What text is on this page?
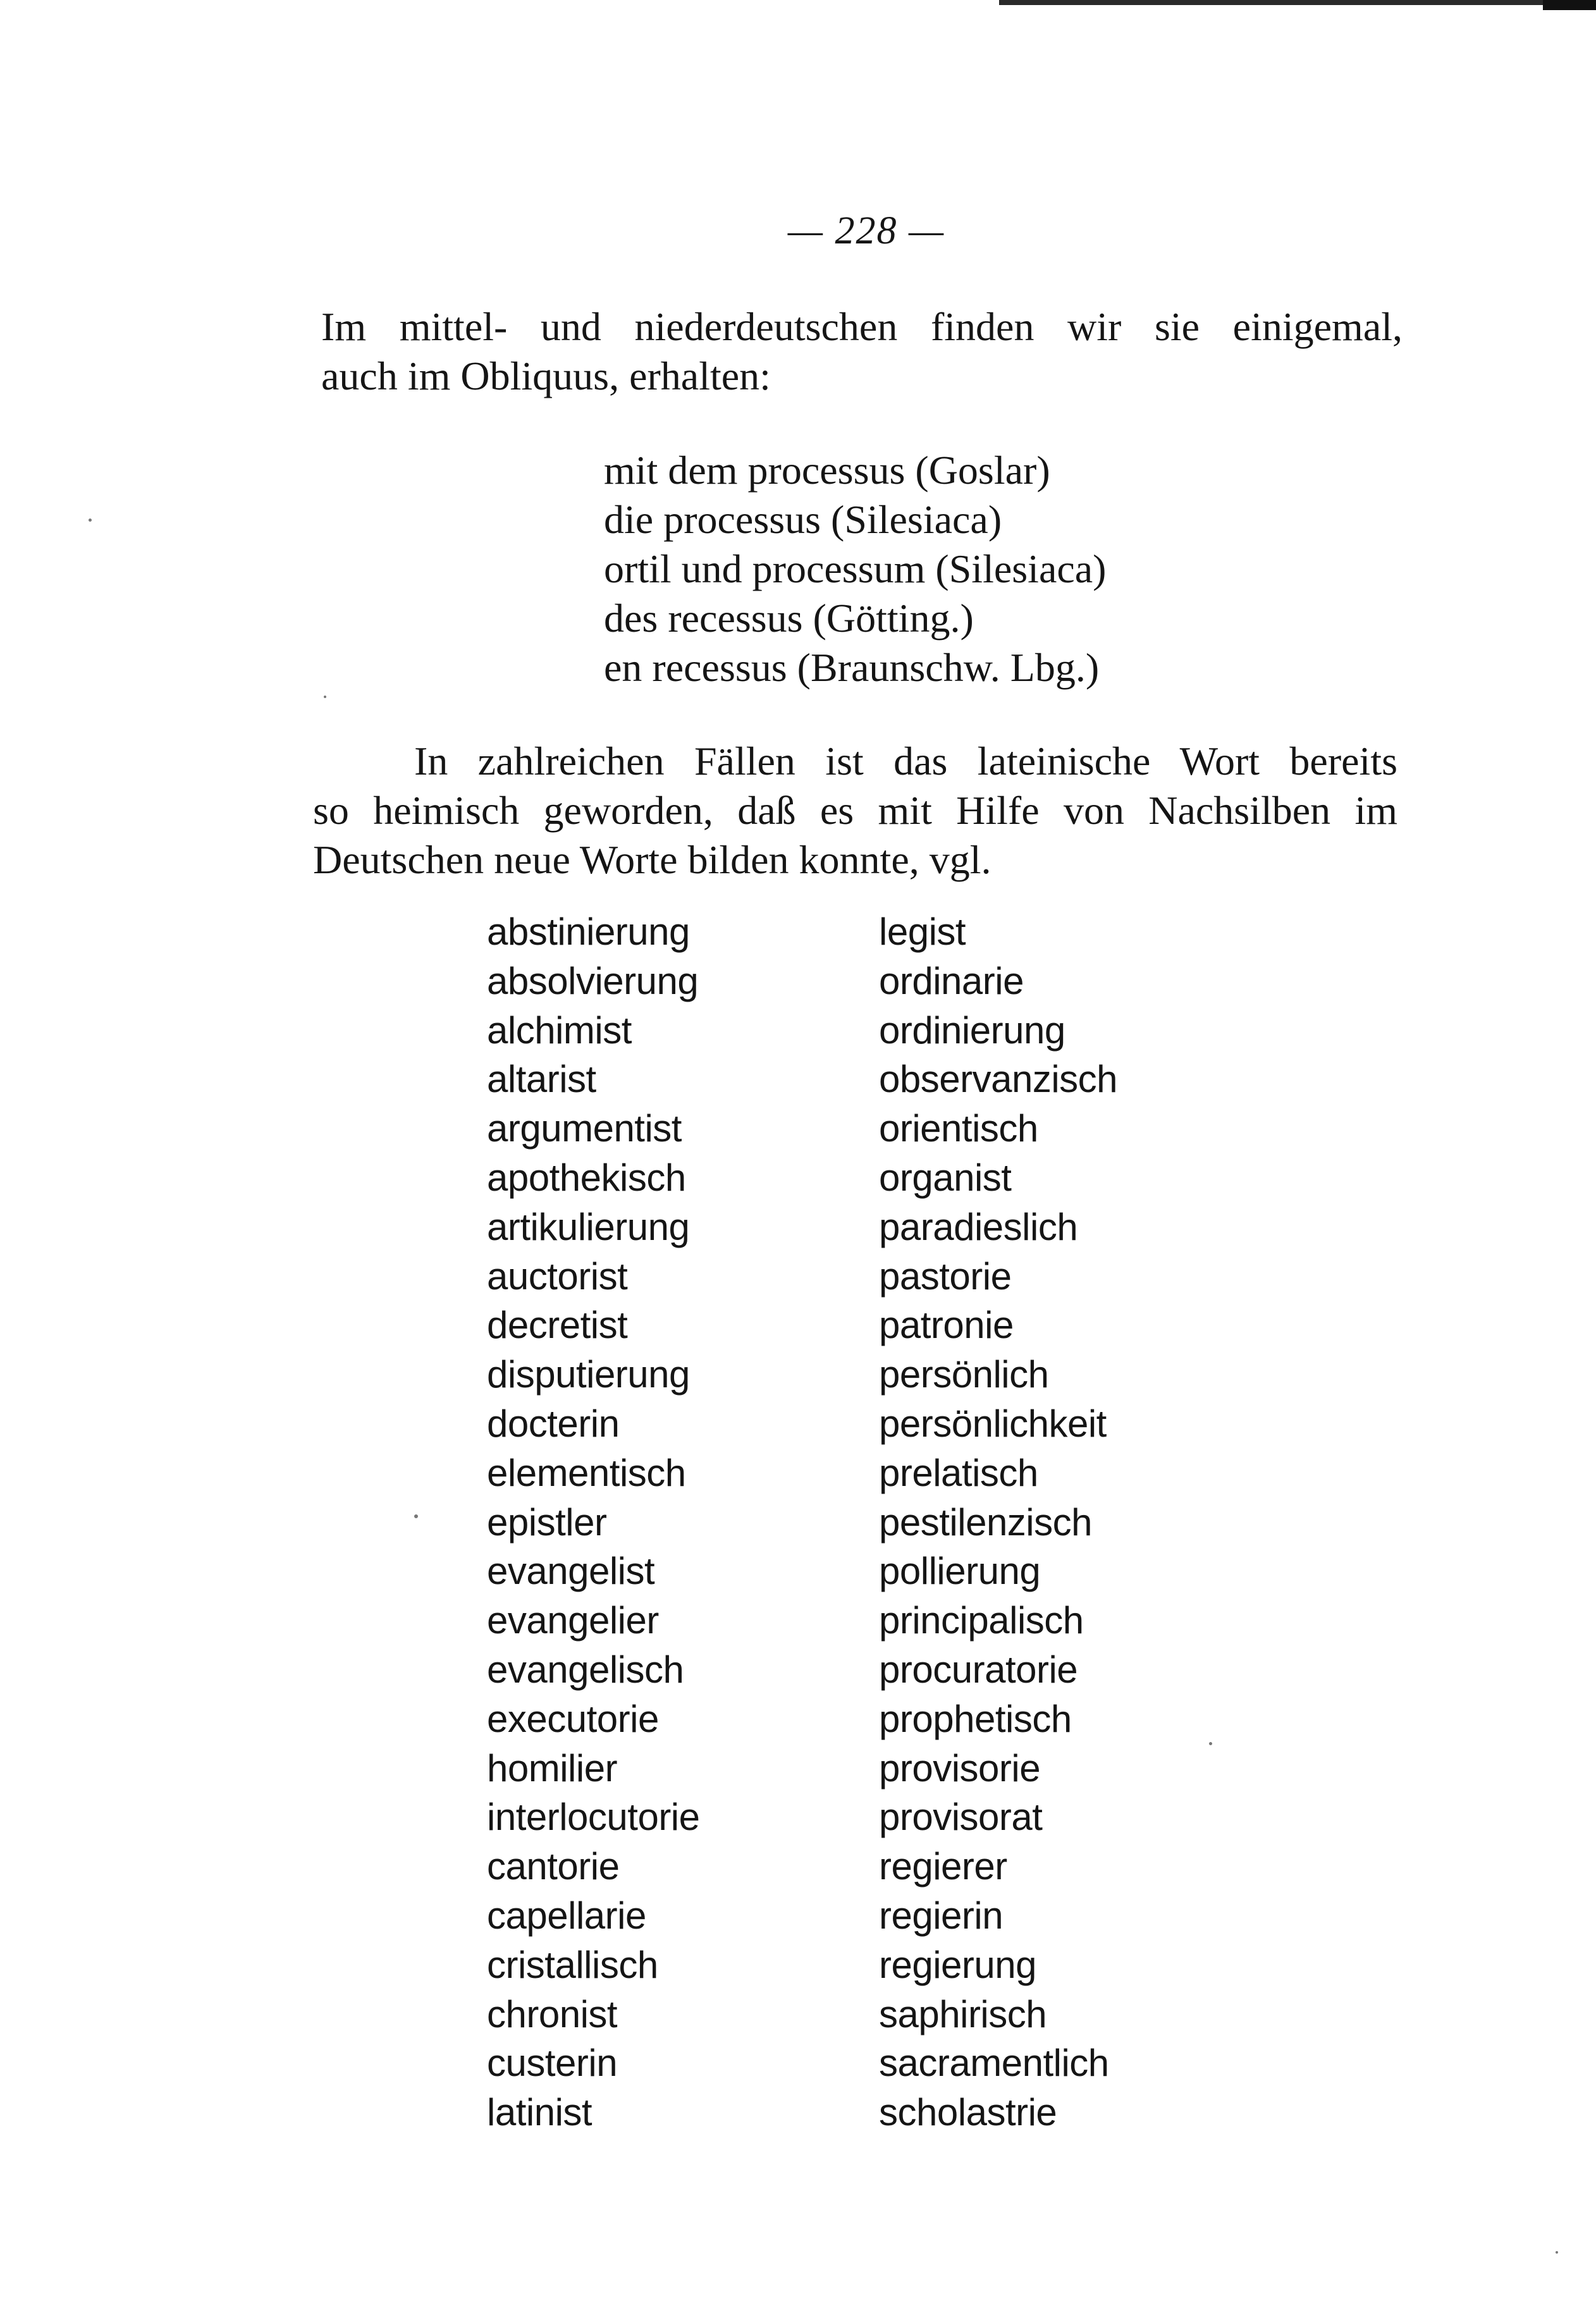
— 228 —
Im mittel- und niederdeutschen finden wir sie einigemal,
auch im Obliquus, erhalten:
mit dem processus (Goslar)
die processus (Silesiaca)
ortil und processum (Silesiaca)
des recessus (Götting.)
en recessus (Braunschw. Lbg.)
In zahlreichen Fällen ist das lateinische Wort bereits
so heimisch geworden, daß es mit Hilfe von Nachsilben im
Deutschen neue Worte bilden konnte, vgl.
abstinierung
absolvierung
alchimist
altarist
argumentist
apothekisch
artikulierung
auctorist
decretist
disputierung
docterin
elementisch
epistler
evangelist
evangelier
evangelisch
executorie
homilier
interlocutorie
cantorie
capellarie
cristallisch
chronist
custerin
latinist
legist
ordinarie
ordinierung
observanzisch
orientisch
organist
paradieslich
pastorie
patronie
persönlich
persönlichkeit
prelatisch
pestilenzisch
pollierung
principalisch
procuratorie
prophetisch
provisorie
provisorat
regierer
regierin
regierung
saphirisch
sacramentlich
scholastrie
